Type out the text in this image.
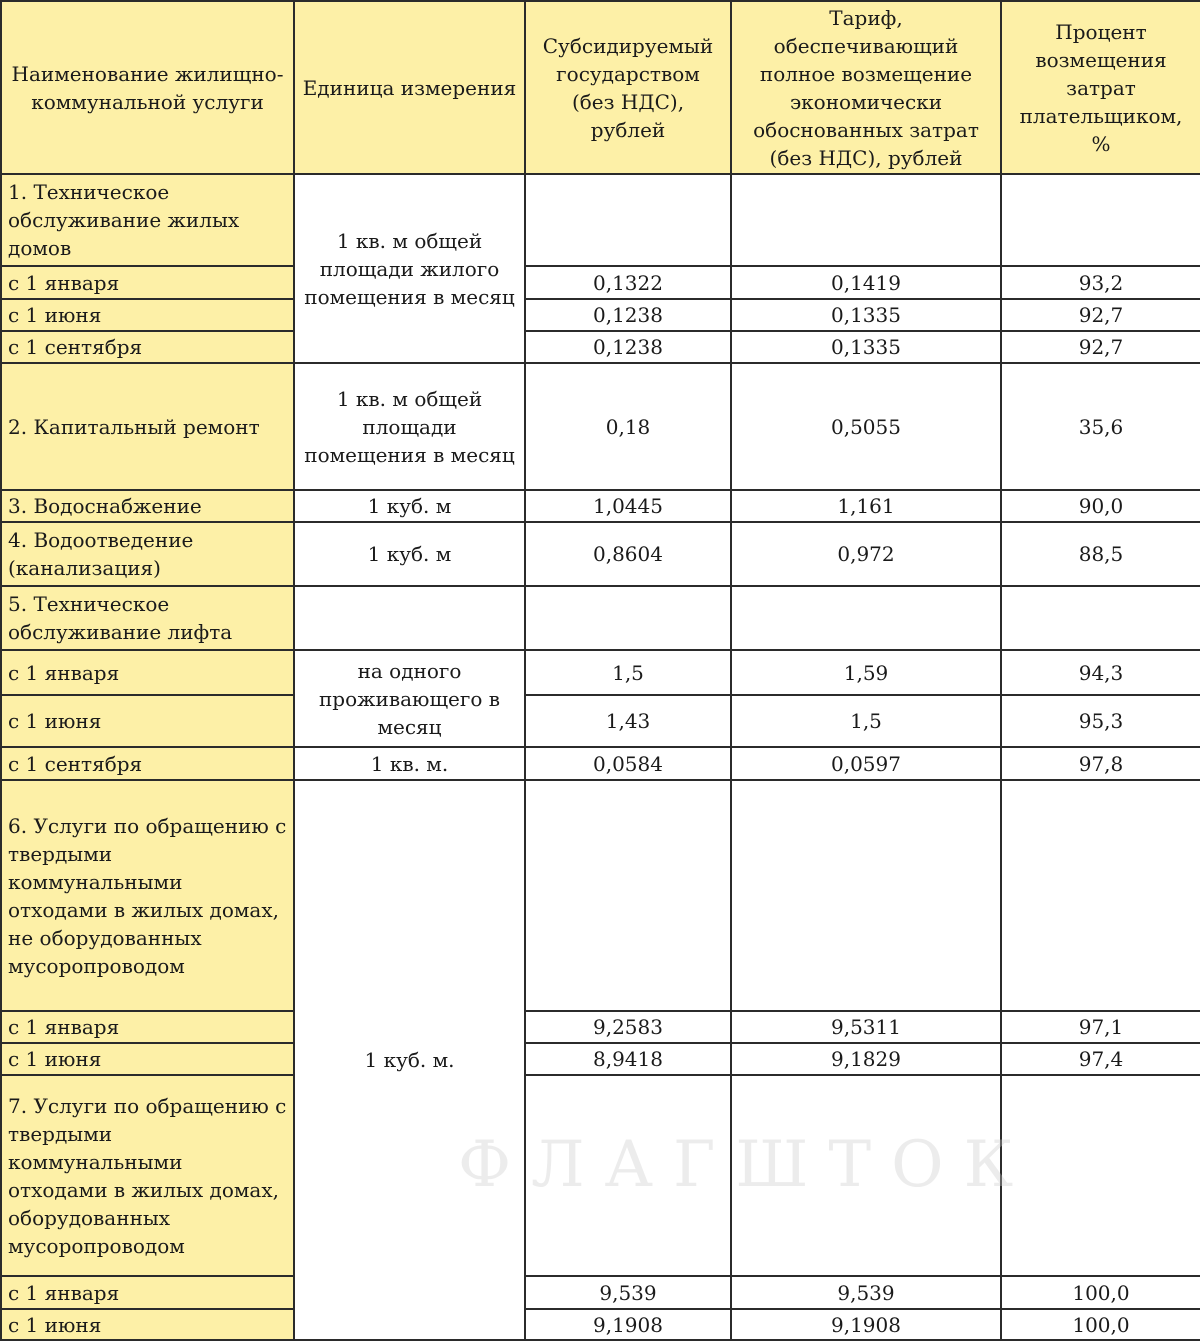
Наименование жилищно-коммунальной услуги	Единица измерения	Субсидируемый государством (без НДС), рублей	Тариф, обеспечивающий полное возмещение экономически обоснованных затрат (без НДС), рублей	Процент возмещения затрат плательщиком, %
1. Техническое обслуживание жилых домов	1 кв. м общей площади жилого помещения в месяц			
с 1 января		0,1322	0,1419	93,2
с 1 июня		0,1238	0,1335	92,7
с 1 сентября		0,1238	0,1335	92,7
2. Капитальный ремонт	1 кв. м общей площади помещения в месяц	0,18	0,5055	35,6
3. Водоснабжение	1 куб. м	1,0445	1,161	90,0
4. Водоотведение (канализация)	1 куб. м	0,8604	0,972	88,5
5. Техническое обслуживание лифта				
с 1 января	на одного проживающего в месяц	1,5	1,59	94,3
с 1 июня		1,43	1,5	95,3
с 1 сентября	1 кв. м.	0,0584	0,0597	97,8
6. Услуги по обращению с твердыми коммунальными отходами в жилых домах, не оборудованных мусоропроводом	1 куб. м.			
с 1 января		9,2583	9,5311	97,1
с 1 июня		8,9418	9,1829	97,4
7. Услуги по обращению с твердыми коммунальными отходами в жилых домах, оборудованных мусоропроводом				
с 1 января		9,539	9,539	100,0
с 1 июня		9,1908	9,1908	100,0
ФЛАГШТОК
